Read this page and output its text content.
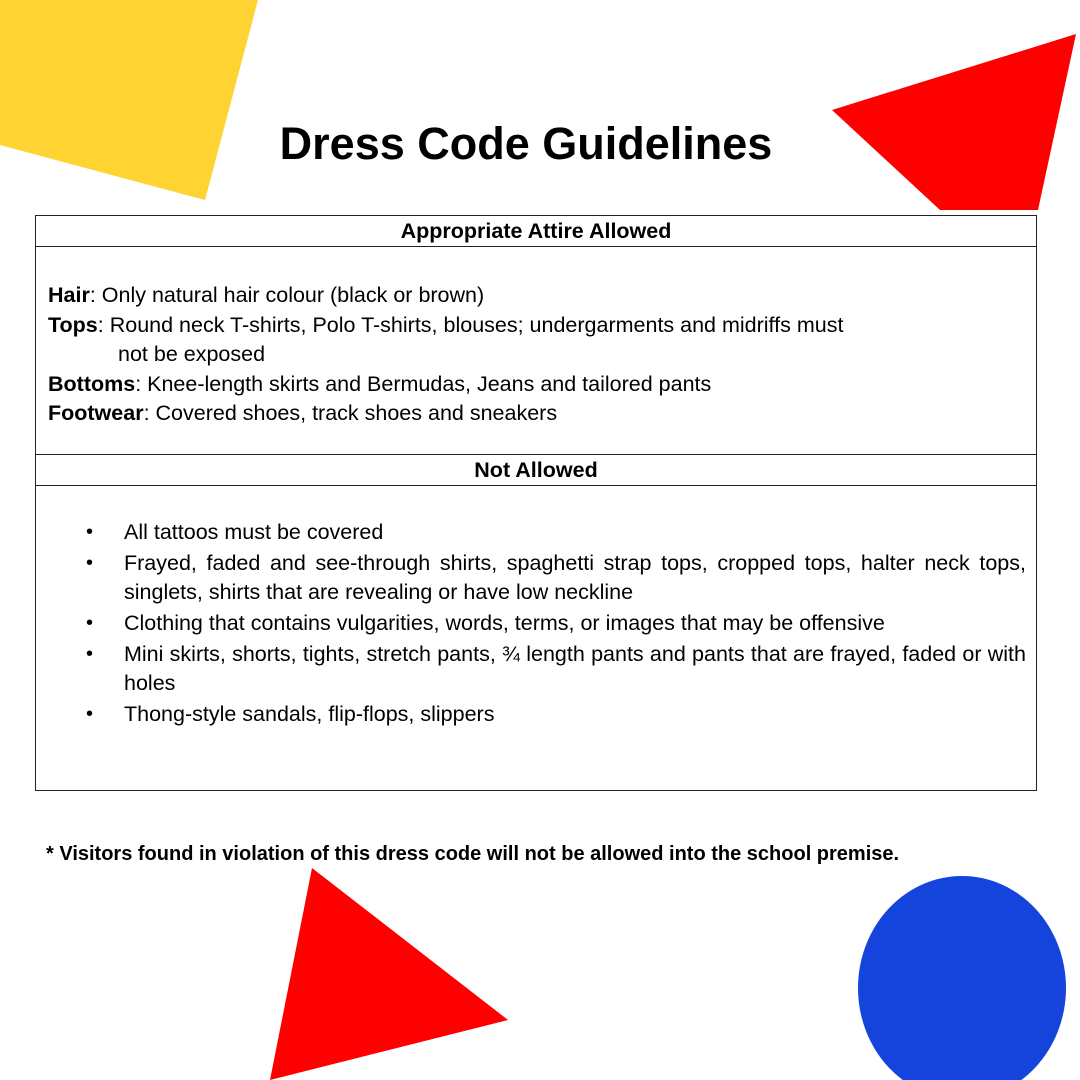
Dress Code Guidelines
Appropriate Attire Allowed
Hair: Only natural hair colour (black or brown)
Tops: Round neck T-shirts, Polo T-shirts, blouses; undergarments and midriffs must
not be exposed
Bottoms: Knee-length skirts and Bermudas, Jeans and tailored pants
Footwear: Covered shoes, track shoes and sneakers
Not Allowed
• All tattoos must be covered
• Frayed, faded and see-through shirts, spaghetti strap tops, cropped tops, halter neck tops, singlets, shirts that are revealing or have low neckline
• Clothing that contains vulgarities, words, terms, or images that may be offensive
• Mini skirts, shorts, tights, stretch pants, ¾ length pants and pants that are frayed, faded or with holes
• Thong-style sandals, flip-flops, slippers
* Visitors found in violation of this dress code will not be allowed into the school premise.
